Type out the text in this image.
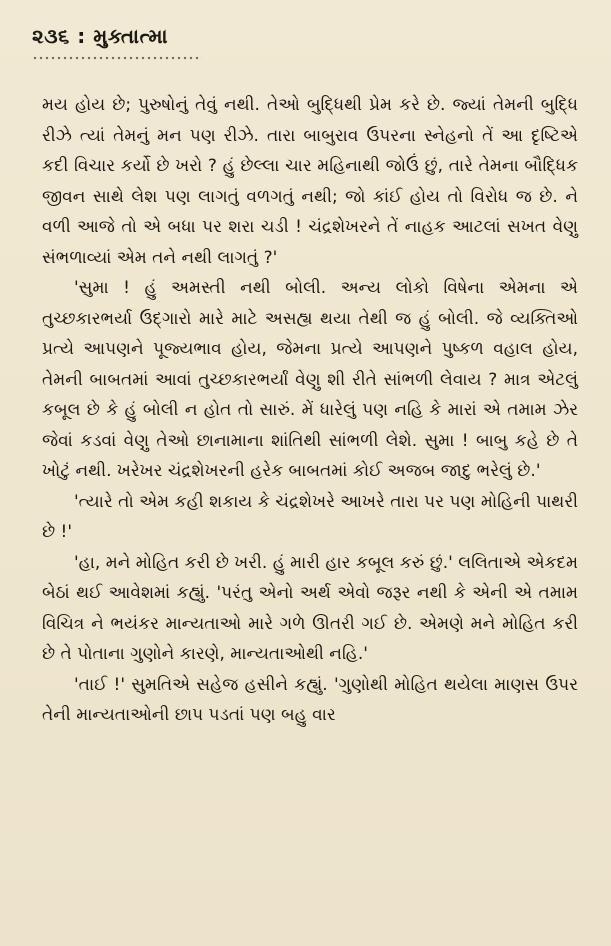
૨૩૬ : મુક્તાત્મા

મય હોય છે; પુરુષોનું તેવું નથી. તેઓ બુદ્ધિથી પ્રેમ કરે છે. જ્યાં તેમની બુદ્ધિ રીઝે ત્યાં તેમનું મન પણ રીઝે. તારા બાબુરાવ ઉપરના સ્નેહનો તેં આ દૃષ્ટિએ કદી વિચાર કર્યો છે ખરો ? હું છેલ્લા ચાર મહિનાથી જોઉં છું, તારે તેમના બૌદ્ધિક જીવન સાથે લેશ પણ લાગતું વળગતું નથી; જો કાંઈ હોય તો વિરોધ જ છે. ને વળી આજે તો એ બધા પર શરા ચડી ! ચંદ્રશેખરને તેં નાહક આટલાં સખત વેણુ સંભળાવ્યાં એમ તને નથી લાગતું ?'

'સુમા ! હું અમસ્તી નથી બોલી. અન્ય લોકો વિષેના એમના એ તુચ્છકારભર્યા ઉદ્ગારો મારે માટે અસહ્ય થયા તેથી જ હું બોલી. જે વ્યક્તિઓ પ્રત્યે આપણને પૂજ્યભાવ હોય, જેમના પ્રત્યે આપણને પુષ્કળ વહાલ હોય, તેમની બાબતમાં આવાં તુચ્છકારભર્યાં વેણુ શી રીતે સાંભળી લેવાય ? માત્ર એટલું કબૂલ છે કે હું બોલી ન હોત તો સારું. મેં ધારેલું પણ નહિ કે મારાં એ તમામ ઝેર જેવાં કડવાં વેણુ તેઓ છાનામાના શાંતિથી સાંભળી લેશે. સુમા ! બાબુ કહે છે તે ખોટું નથી. ખરેખર ચંદ્રશેખરની હરેક બાબતમાં કોઈ અજબ જાદુ ભરેલું છે.'

'ત્યારે તો એમ કહી શકાય કે ચંદ્રશેખરે આખરે તારા પર પણ મોહિની પાથરી છે !'

'હા, મને મોહિત કરી છે ખરી. હું મારી હાર કબૂલ કરું છું.' લલિતાએ એકદમ બેઠાં થઈ આવેશમાં કહ્યું. 'પરંતુ એનો અર્થ એવો જરૂર નથી કે એની એ તમામ વિચિત્ર ને ભયંકર માન્યતાઓ મારે ગળે ઊતરી ગઈ છે. એમણે મને મોહિત કરી છે તે પોતાના ગુણોને કારણે, માન્યતાઓથી નહિ.'

'તાઈ !' સુમતિએ સહેજ હસીને કહ્યું. 'ગુણોથી મોહિત થયેલા માણસ ઉપર તેની માન્યતાઓની છાપ પડતાં પણ બહુ વાર
